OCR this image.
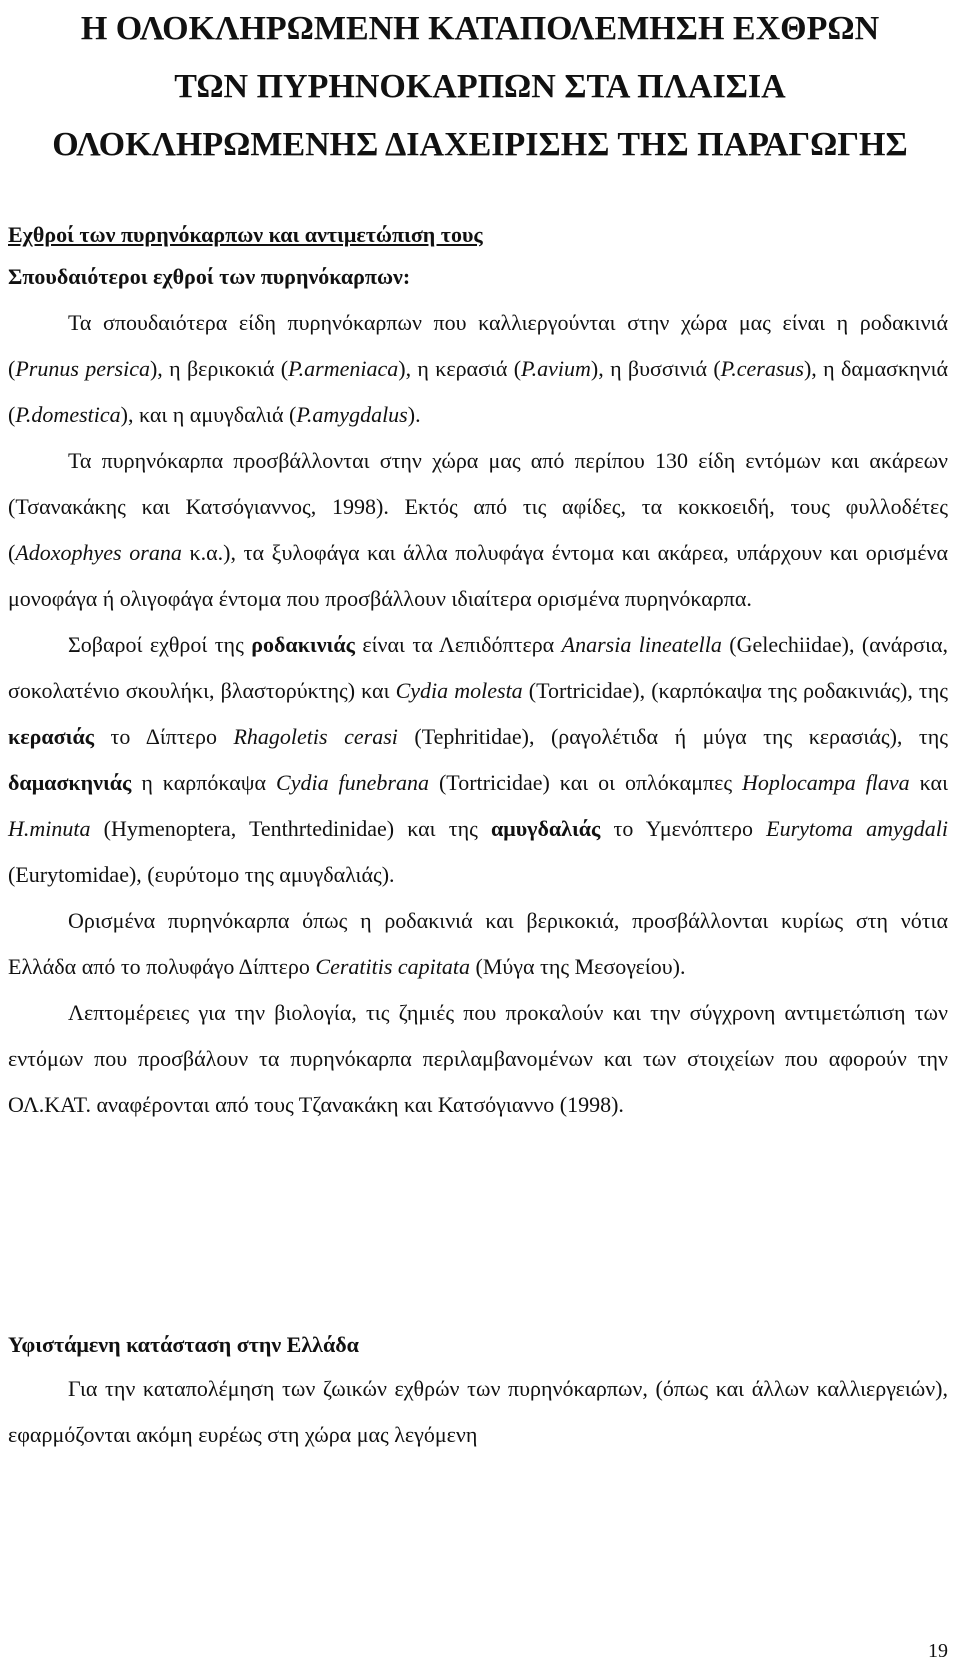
Η ΟΛΟΚΛΗΡΩΜΕΝΗ ΚΑΤΑΠΟΛΕΜΗΣΗ ΕΧΘΡΩΝ
ΤΩΝ ΠΥΡΗΝΟΚΑΡΠΩΝ ΣΤΑ ΠΛΑΙΣΙΑ
ΟΛΟΚΛΗΡΩΜΕΝΗΣ ΔΙΑΧΕΙΡΙΣΗΣ ΤΗΣ ΠΑΡΑΓΩΓΗΣ
Εχθροί των πυρηνόκαρπων και αντιμετώπιση τους
Σπουδαιότεροι εχθροί των πυρηνόκαρπων:

Τα σπουδαιότερα είδη πυρηνόκαρπων που καλλιεργούνται στην χώρα μας είναι η ροδακινιά (Prunus persica), η βερικοκιά (P.armeniaca), η κερασιά (P.avium), η βυσσινιά (P.cerasus), η δαμασκηνιά (P.domestica), και η αμυγδαλιά (P.amygdalus).

Τα πυρηνόκαρπα προσβάλλονται στην χώρα μας από περίπου 130 είδη εντόμων και ακάρεων (Τσανακάκης και Κατσόγιαννος, 1998). Εκτός από τις αφίδες, τα κοκκοειδή, τους φυλλοδέτες (Adoxophyes orana κ.α.), τα ξυλοφάγα και άλλα πολυφάγα έντομα και ακάρεα, υπάρχουν και ορισμένα μονοφάγα ή ολιγοφάγα έντομα που προσβάλλουν ιδιαίτερα ορισμένα πυρηνόκαρπα.

Σοβαροί εχθροί της ροδακινιάς είναι τα Λεπιδόπτερα Anarsia lineatella (Gelechiidae), (ανάρσια, σοκολατένιο σκουλήκι, βλαστορύκτης) και Cydia molesta (Tortricidae), (καρπόκαψα της ροδακινιάς), της κερασιάς το Δίπτερο Rhagoletis cerasi (Tephritidae), (ραγολέτιδα ή μύγα της κερασιάς), της δαμασκηνιάς η καρπόκαψα Cydia funebrana (Tortricidae) και οι οπλόκαμπες Hoplocampa flava και H.minuta (Hymenoptera, Tenthrtedinidae) και της αμυγδαλιάς το Υμενόπτερο Eurytoma amygdali (Eurytomidae), (ευρύτομο της αμυγδαλιάς).

Ορισμένα πυρηνόκαρπα όπως η ροδακινιά και βερικοκιά, προσβάλλονται κυρίως στη νότια Ελλάδα από το πολυφάγο Δίπτερο Ceratitis capitata (Μύγα της Μεσογείου).

Λεπτομέρειες για την βιολογία, τις ζημιές που προκαλούν και την σύγχρονη αντιμετώπιση των εντόμων που προσβάλουν τα πυρηνόκαρπα περιλαμβανομένων και των στοιχείων που αφορούν την ΟΛ.ΚΑΤ. αναφέρονται από τους Τζανακάκη και Κατσόγιαννο (1998).

Υφιστάμενη κατάσταση στην Ελλάδα

Για την καταπολέμηση των ζωικών εχθρών των πυρηνόκαρπων, (όπως και άλλων καλλιεργειών), εφαρμόζονται ακόμη ευρέως στη χώρα μας λεγόμενη

19
